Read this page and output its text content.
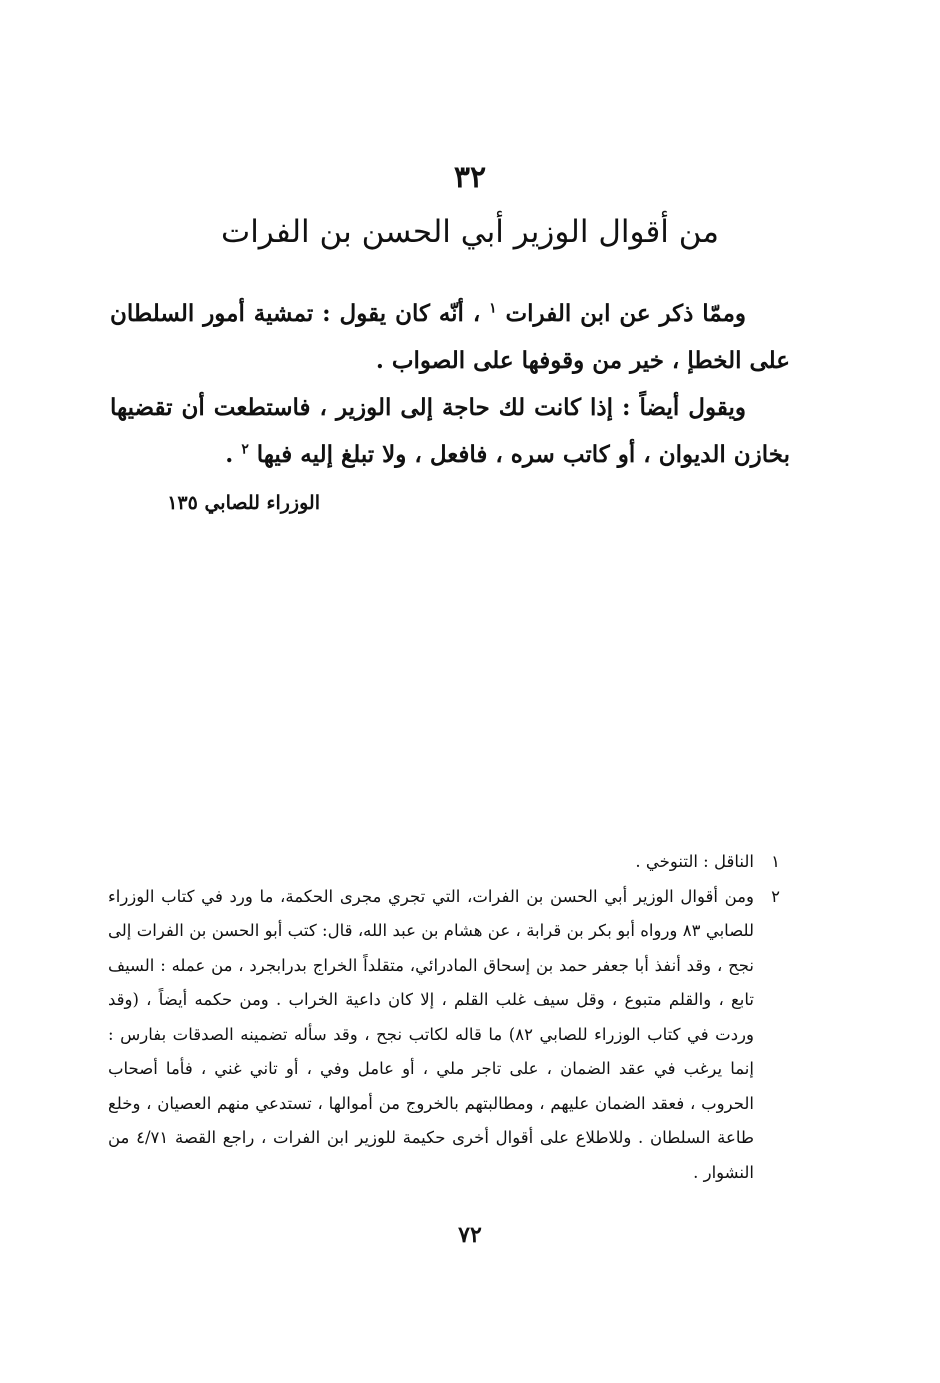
٣٢
من أقوال الوزير أبي الحسن بن الفرات

وممّا ذكر عن ابن الفرات $^١$ ، أنّه كان يقول : تمشية أمور السلطان على الخطإ ، خير من وقوفها على الصواب .

ويقول أيضاً : إذا كانت لك حاجة إلى الوزير ، فاستطعت أن تقضيها بخازن الديوان ، أو كاتب سره ، فافعل ، ولا تبلغ إليه فيها $^٢$ .

الوزراء للصابي ١٣٥

١
الناقل : التنوخي .

٢
ومن أقوال الوزير أبي الحسن بن الفرات، التي تجري مجرى الحكمة، ما ورد في كتاب الوزراء للصابي ٨٣ ورواه أبو بكر بن قرابة ، عن هشام بن عبد الله، قال: كتب أبو الحسن بن الفرات إلى نجح ، وقد أنفذ أبا جعفر حمد بن إسحاق المادرائي، متقلداً الخراج بدرابجرد ، من عمله : السيف تابع ، والقلم متبوع ، وقل سيف غلب القلم ، إلا كان داعية الخراب . ومن حكمه أيضاً ، (وقد وردت في كتاب الوزراء للصابي ٨٢) ما قاله لكاتب نجح ، وقد سأله تضمينه الصدقات بفارس : إنما يرغب في عقد الضمان ، على تاجر ملي ، أو عامل وفي ، أو تاني غني ، فأما أصحاب الحروب ، فعقد الضمان عليهم ، ومطالبتهم بالخروج من أموالها ، تستدعي منهم العصيان ، وخلع طاعة السلطان . وللاطلاع على أقوال أخرى حكيمة للوزير ابن الفرات ، راجع القصة ٤/٧١ من النشوار .

٧٢
